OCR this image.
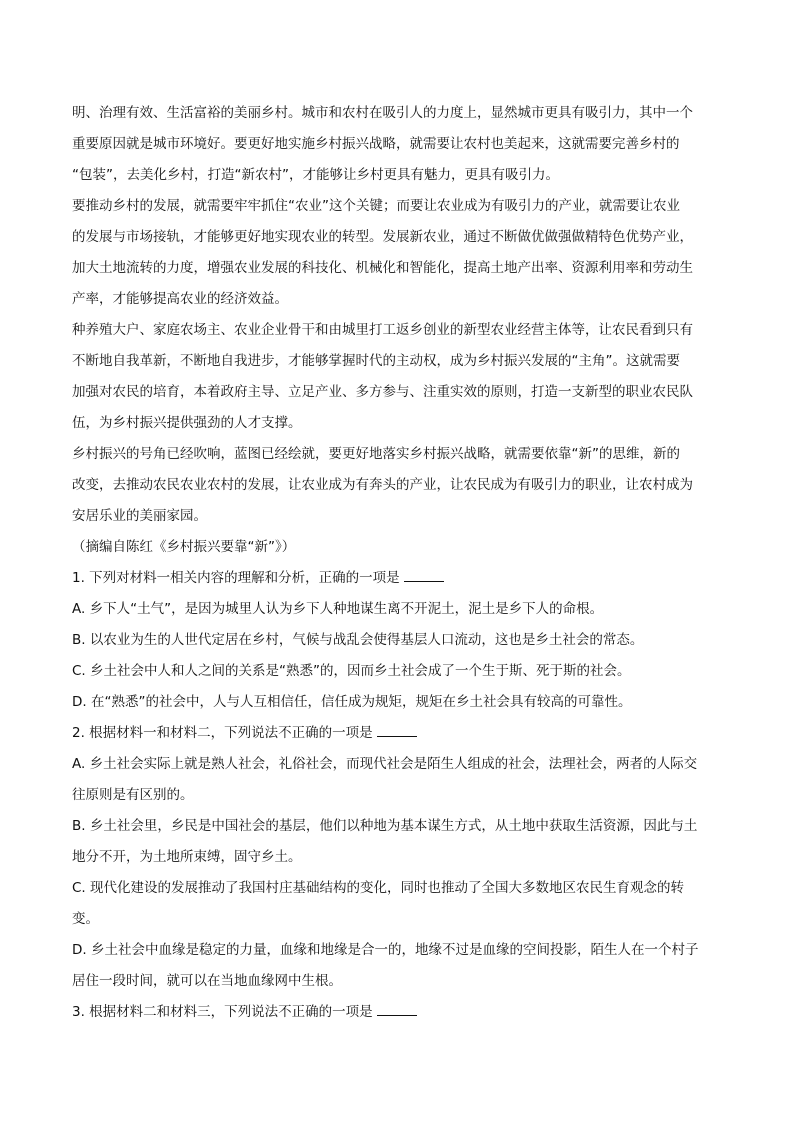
明、治理有效、生活富裕的美丽乡村。城市和农村在吸引人的力度上，显然城市更具有吸引力，其中一个
重要原因就是城市环境好。要更好地实施乡村振兴战略，就需要让农村也美起来，这就需要完善乡村的
“包装”，去美化乡村，打造“新农村”，才能够让乡村更具有魅力，更具有吸引力。
要推动乡村的发展，就需要牢牢抓住“农业”这个关键；而要让农业成为有吸引力的产业，就需要让农业
的发展与市场接轨，才能够更好地实现农业的转型。发展新农业，通过不断做优做强做精特色优势产业，
加大土地流转的力度，增强农业发展的科技化、机械化和智能化，提高土地产出率、资源利用率和劳动生
产率，才能够提高农业的经济效益。
种养殖大户、家庭农场主、农业企业骨干和由城里打工返乡创业的新型农业经营主体等，让农民看到只有
不断地自我革新，不断地自我进步，才能够掌握时代的主动权，成为乡村振兴发展的“主角”。这就需要
加强对农民的培育，本着政府主导、立足产业、多方参与、注重实效的原则，打造一支新型的职业农民队
伍，为乡村振兴提供强劲的人才支撑。
乡村振兴的号角已经吹响，蓝图已经绘就，要更好地落实乡村振兴战略，就需要依靠“新”的思维，新的
改变，去推动农民农业农村的发展，让农业成为有奔头的产业，让农民成为有吸引力的职业，让农村成为
安居乐业的美丽家园。
（摘编自陈红《乡村振兴要靠“新”》）
1. 下列对材料一相关内容的理解和分析，正确的一项是
A. 乡下人“土气”，是因为城里人认为乡下人种地谋生离不开泥土，泥土是乡下人的命根。
B. 以农业为生的人世代定居在乡村，气候与战乱会使得基层人口流动，这也是乡土社会的常态。
C. 乡土社会中人和人之间的关系是“熟悉”的，因而乡土社会成了一个生于斯、死于斯的社会。
D. 在“熟悉”的社会中，人与人互相信任，信任成为规矩，规矩在乡土社会具有较高的可靠性。
2. 根据材料一和材料二，下列说法不正确的一项是
A. 乡土社会实际上就是熟人社会，礼俗社会，而现代社会是陌生人组成的社会，法理社会，两者的人际交
往原则是有区别的。
B. 乡土社会里，乡民是中国社会的基层，他们以种地为基本谋生方式，从土地中获取生活资源，因此与土
地分不开，为土地所束缚，固守乡土。
C. 现代化建设的发展推动了我国村庄基础结构的变化，同时也推动了全国大多数地区农民生育观念的转
变。
D. 乡土社会中血缘是稳定的力量，血缘和地缘是合一的，地缘不过是血缘的空间投影，陌生人在一个村子
居住一段时间，就可以在当地血缘网中生根。
3. 根据材料二和材料三，下列说法不正确的一项是
